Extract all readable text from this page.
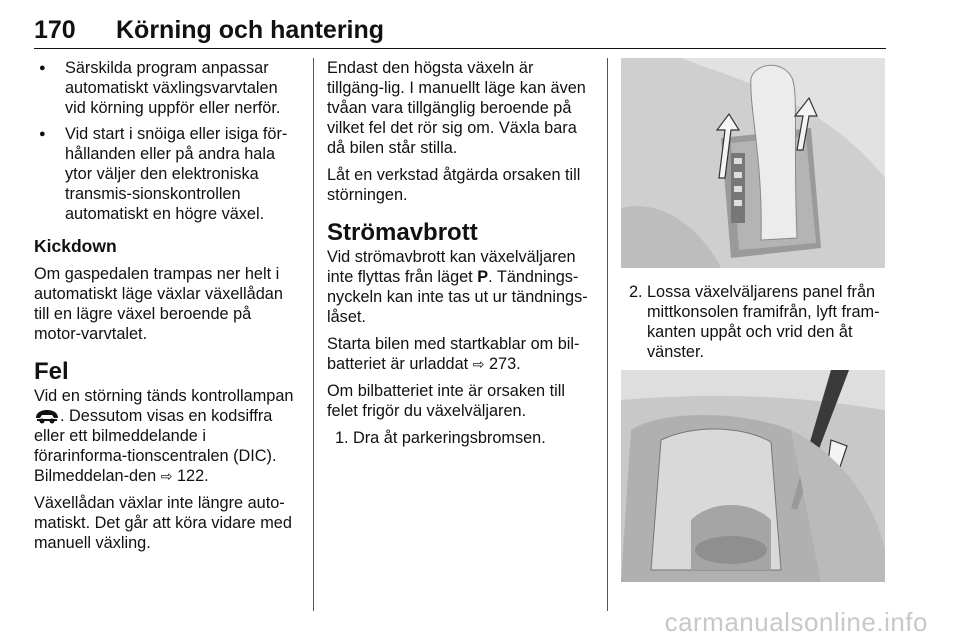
170 Körning och hantering

● Särskilda program anpassar automatiskt växlingsvarvtalen vid körning uppför eller nerför.

● Vid start i snöiga eller isiga för-hållanden eller på andra hala ytor väljer den elektroniska transmis-sionskontrollen automatiskt en högre växel.

Kickdown

Om gaspedalen trampas ner helt i automatiskt läge växlar växellådan till en lägre växel beroende på motor-varvtalet.

Fel

Vid en störning tänds kontrollampan
. Dessutom visas en kodsiffra eller ett bilmeddelande i förarinforma-tionscentralen (DIC). Bilmeddelan-den ⇨ 122.

Växellådan växlar inte längre auto-matiskt. Det går att köra vidare med manuell växling.

Endast den högsta växeln är tillgäng-lig. I manuellt läge kan även tvåan vara tillgänglig beroende på vilket fel det rör sig om. Växla bara då bilen står stilla.

Låt en verkstad åtgärda orsaken till störningen.

Strömavbrott

Vid strömavbrott kan växelväljaren inte flyttas från läget P. Tändnings-nyckeln kan inte tas ut ur tändnings-låset.

Starta bilen med startkablar om bil-batteriet är urladdat ⇨ 273.

Om bilbatteriet inte är orsaken till felet frigör du växelväljaren.

1. Dra åt parkeringsbromsen.

2. Lossa växelväljarens panel från mittkonsolen framifrån, lyft fram-kanten uppåt och vrid den åt vänster.

carmanualsonline.info
